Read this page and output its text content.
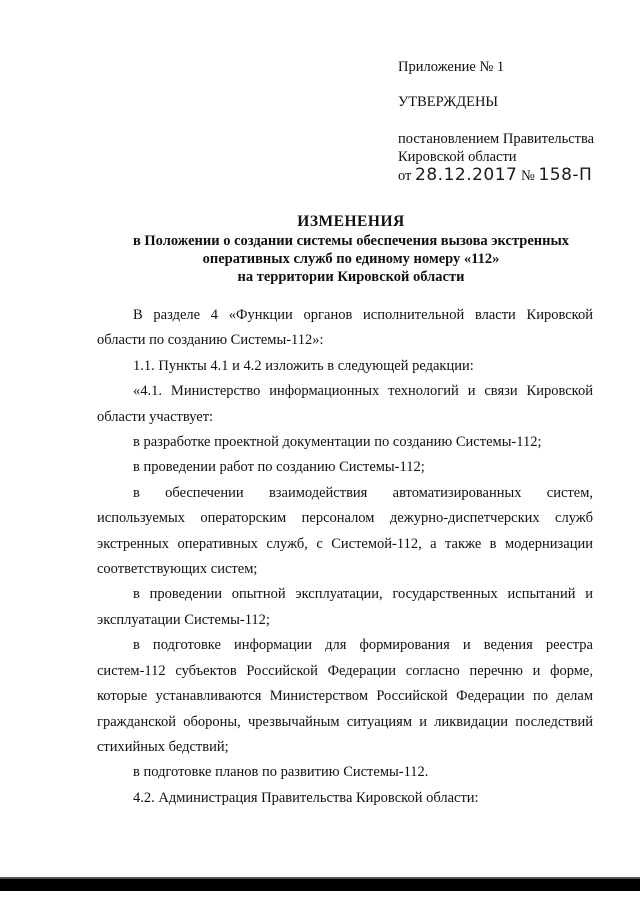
Приложение № 1
УТВЕРЖДЕНЫ
постановлением Правительства
Кировской области
от 28.12.2017 № 158-П
ИЗМЕНЕНИЯ
в Положении о создании системы обеспечения вызова экстренных
оперативных служб по единому номеру «112»
на территории Кировской области

В разделе 4 «Функции органов исполнительной власти Кировской области по созданию Системы-112»:

1.1. Пункты 4.1 и 4.2 изложить в следующей редакции:

«4.1. Министерство информационных технологий и связи Кировской области участвует:

в разработке проектной документации по созданию Системы-112;

в проведении работ по созданию Системы-112;

в обеспечении взаимодействия автоматизированных систем, используемых операторским персоналом дежурно-диспетчерских служб экстренных оперативных служб, с Системой-112, а также в модернизации соответствующих систем;

в проведении опытной эксплуатации, государственных испытаний и эксплуатации Системы-112;

в подготовке информации для формирования и ведения реестра систем-112 субъектов Российской Федерации согласно перечню и форме, которые устанавливаются Министерством Российской Федерации по делам гражданской обороны, чрезвычайным ситуациям и ликвидации последствий стихийных бедствий;

в подготовке планов по развитию Системы-112.

4.2. Администрация Правительства Кировской области:
